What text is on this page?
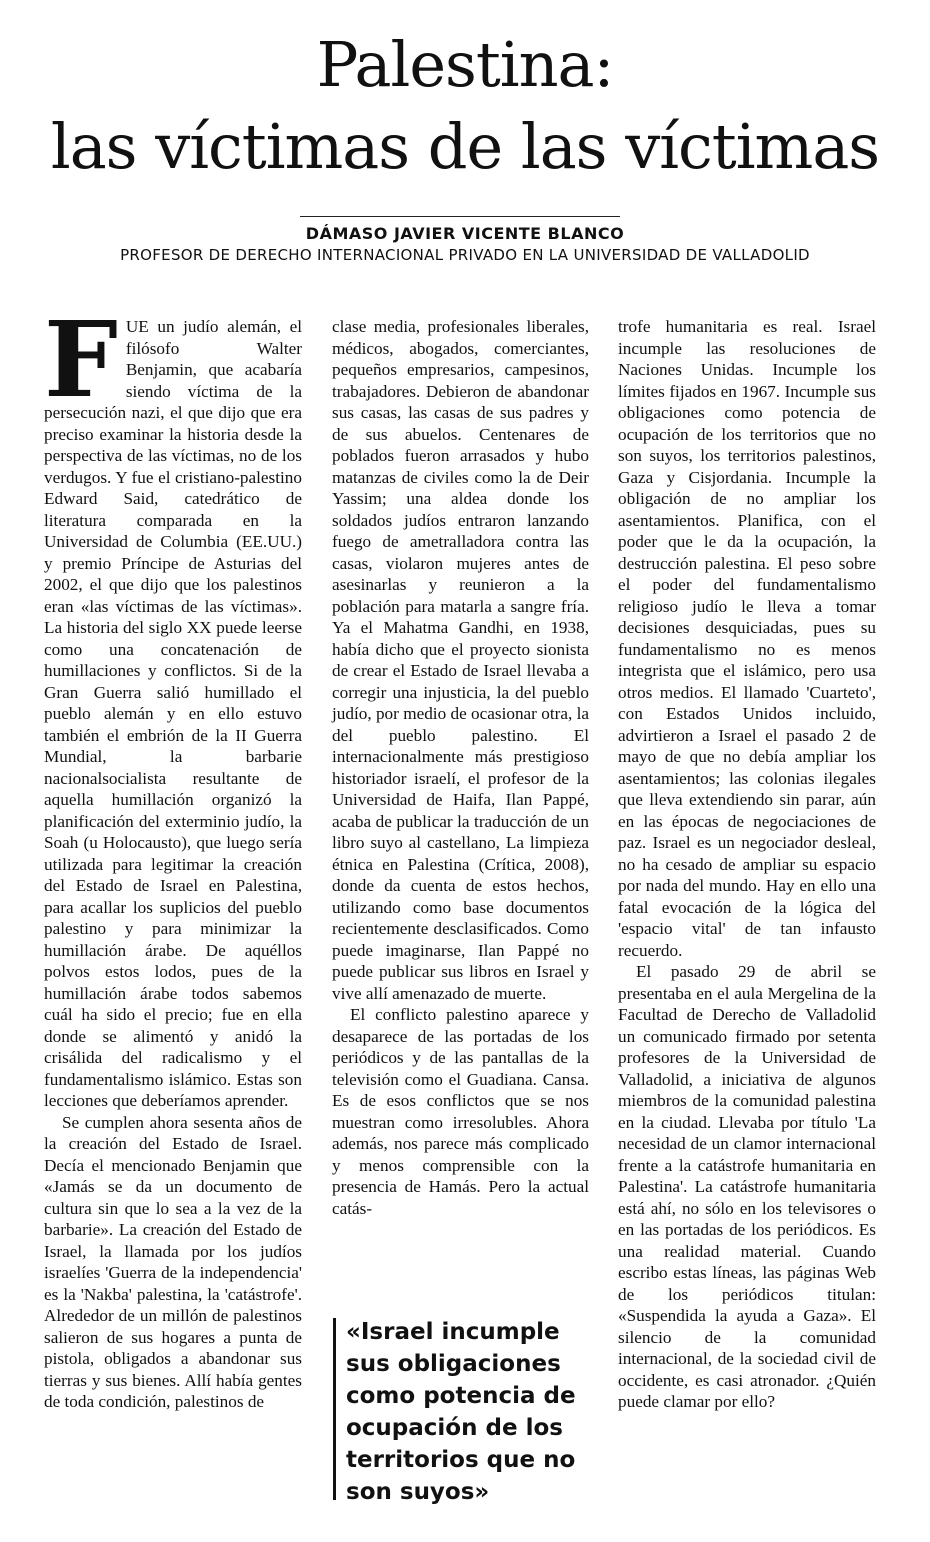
Palestina:
las víctimas de las víctimas
DÁMASO JAVIER VICENTE BLANCO
PROFESOR DE DERECHO INTERNACIONAL PRIVADO EN LA UNIVERSIDAD DE VALLADOLID

FUE un judío alemán, el filósofo Walter Benjamin, que acabaría siendo víctima de la persecución nazi, el que dijo que era preciso examinar la historia desde la perspectiva de las víctimas, no de los verdugos. Y fue el cristiano-palestino Edward Said, catedrático de literatura comparada en la Universidad de Columbia (EE.UU.) y premio Príncipe de Asturias del 2002, el que dijo que los palestinos eran «las víctimas de las víctimas». La historia del siglo XX puede leerse como una concatenación de humillaciones y conflictos. Si de la Gran Guerra salió humillado el pueblo alemán y en ello estuvo también el embrión de la II Guerra Mundial, la barbarie nacionalsocialista resultante de aquella humillación organizó la planificación del exterminio judío, la Soah (u Holocausto), que luego sería utilizada para legitimar la creación del Estado de Israel en Palestina, para acallar los suplicios del pueblo palestino y para minimizar la humillación árabe. De aquéllos polvos estos lodos, pues de la humillación árabe todos sabemos cuál ha sido el precio; fue en ella donde se alimentó y anidó la crisálida del radicalismo y el fundamentalismo islámico. Estas son lecciones que deberíamos aprender.

Se cumplen ahora sesenta años de la creación del Estado de Israel. Decía el mencionado Benjamin que «Jamás se da un documento de cultura sin que lo sea a la vez de la barbarie». La creación del Estado de Israel, la llamada por los judíos israelíes 'Guerra de la independencia' es la 'Nakba' palestina, la 'catástrofe'. Alrededor de un millón de palestinos salieron de sus hogares a punta de pistola, obligados a abandonar sus tierras y sus bienes. Allí había gentes de toda condición, palestinos de

clase media, profesionales liberales, médicos, abogados, comerciantes, pequeños empresarios, campesinos, trabajadores. Debieron de abandonar sus casas, las casas de sus padres y de sus abuelos. Centenares de poblados fueron arrasados y hubo matanzas de civiles como la de Deir Yassim; una aldea donde los soldados judíos entraron lanzando fuego de ametralladora contra las casas, violaron mujeres antes de asesinarlas y reunieron a la población para matarla a sangre fría. Ya el Mahatma Gandhi, en 1938, había dicho que el proyecto sionista de crear el Estado de Israel llevaba a corregir una injusticia, la del pueblo judío, por medio de ocasionar otra, la del pueblo palestino. El internacionalmente más prestigioso historiador israelí, el profesor de la Universidad de Haifa, Ilan Pappé, acaba de publicar la traducción de un libro suyo al castellano, La limpieza étnica en Palestina (Crítica, 2008), donde da cuenta de estos hechos, utilizando como base documentos recientemente desclasificados. Como puede imaginarse, Ilan Pappé no puede publicar sus libros en Israel y vive allí amenazado de muerte.

El conflicto palestino aparece y desaparece de las portadas de los periódicos y de las pantallas de la televisión como el Guadiana. Cansa. Es de esos conflictos que se nos muestran como irresolubles. Ahora además, nos parece más complicado y menos comprensible con la presencia de Hamás. Pero la actual catás-

«Israel incumple sus obligaciones como potencia de ocupación de los territorios que no son suyos»

trofe humanitaria es real. Israel incumple las resoluciones de Naciones Unidas. Incumple los límites fijados en 1967. Incumple sus obligaciones como potencia de ocupación de los territorios que no son suyos, los territorios palestinos, Gaza y Cisjordania. Incumple la obligación de no ampliar los asentamientos. Planifica, con el poder que le da la ocupación, la destrucción palestina. El peso sobre el poder del fundamentalismo religioso judío le lleva a tomar decisiones desquiciadas, pues su fundamentalismo no es menos integrista que el islámico, pero usa otros medios. El llamado 'Cuarteto', con Estados Unidos incluido, advirtieron a Israel el pasado 2 de mayo de que no debía ampliar los asentamientos; las colonias ilegales que lleva extendiendo sin parar, aún en las épocas de negociaciones de paz. Israel es un negociador desleal, no ha cesado de ampliar su espacio por nada del mundo. Hay en ello una fatal evocación de la lógica del 'espacio vital' de tan infausto recuerdo.

El pasado 29 de abril se presentaba en el aula Mergelina de la Facultad de Derecho de Valladolid un comunicado firmado por setenta profesores de la Universidad de Valladolid, a iniciativa de algunos miembros de la comunidad palestina en la ciudad. Llevaba por título 'La necesidad de un clamor internacional frente a la catástrofe humanitaria en Palestina'. La catástrofe humanitaria está ahí, no sólo en los televisores o en las portadas de los periódicos. Es una realidad material. Cuando escribo estas líneas, las páginas Web de los periódicos titulan: «Suspendida la ayuda a Gaza». El silencio de la comunidad internacional, de la sociedad civil de occidente, es casi atronador. ¿Quién puede clamar por ello?
